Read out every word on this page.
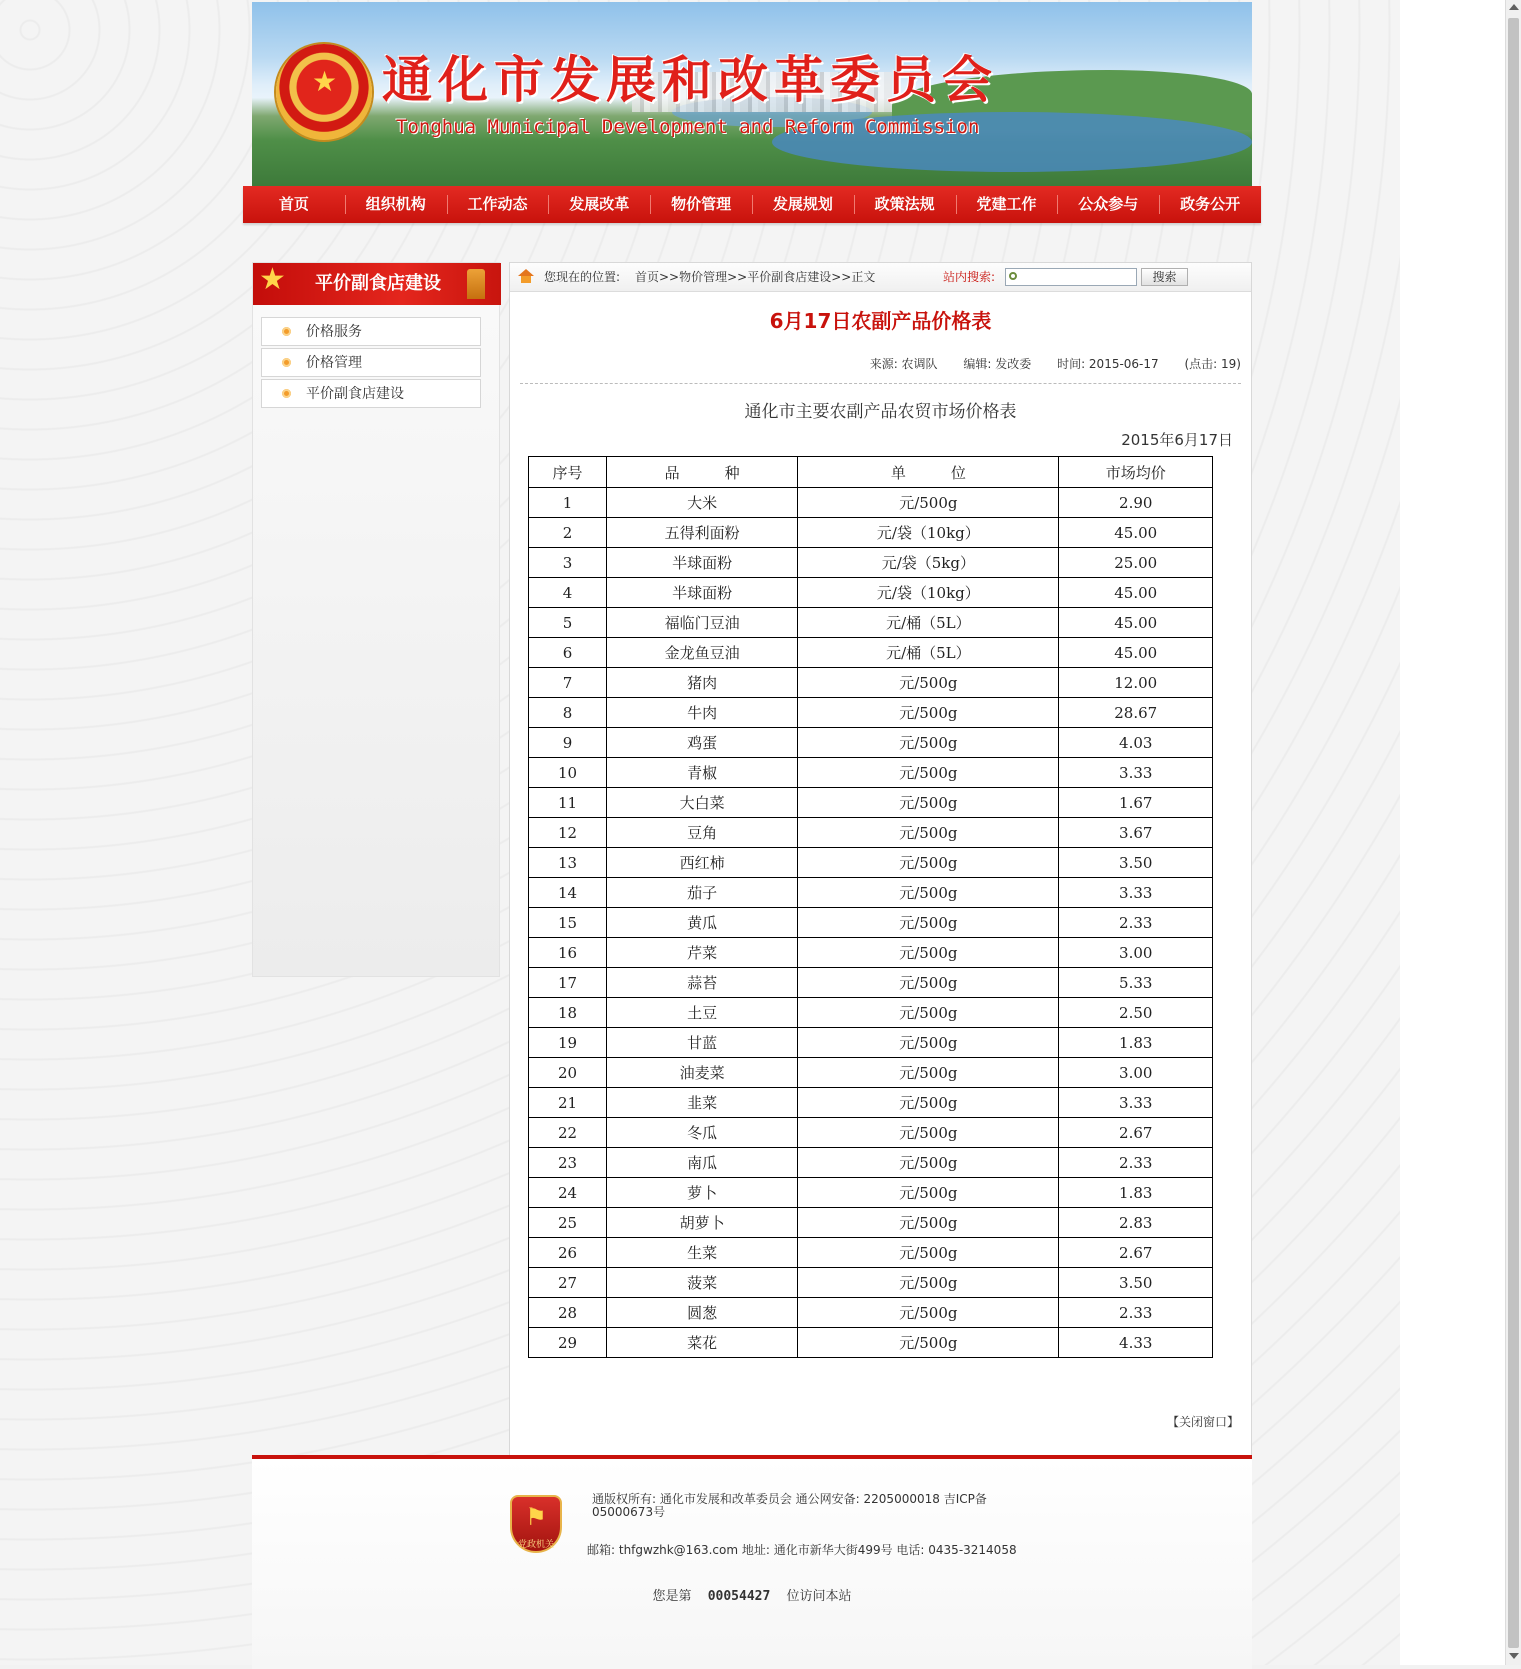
★ 通化市发展和改革委员会
Tonghua Municipal Development and Reform Commission
首页	组织机构	工作动态	发展改革	物价管理	发展规划	政策法规	党建工作	公众参与	政务公开
★ 平价副食店建设
价格服务
价格管理
平价副食店建设
您现在的位置: 首页>>物价管理>>平价副食店建设>>正文	站内搜索:	搜索
6月17日农副产品价格表
来源: 农调队 编辑: 发改委 时间: 2015-06-17 (点击: 19)
通化市主要农副产品农贸市场价格表
2015年6月17日
序号	品　　　种	单　　　位	市场均价
1	大米	元/500g	2.90
2	五得利面粉	元/袋（10kg）	45.00
3	半球面粉	元/袋（5kg）	25.00
4	半球面粉	元/袋（10kg）	45.00
5	福临门豆油	元/桶（5L）	45.00
6	金龙鱼豆油	元/桶（5L）	45.00
7	猪肉	元/500g	12.00
8	牛肉	元/500g	28.67
9	鸡蛋	元/500g	4.03
10	青椒	元/500g	3.33
11	大白菜	元/500g	1.67
12	豆角	元/500g	3.67
13	西红柿	元/500g	3.50
14	茄子	元/500g	3.33
15	黄瓜	元/500g	2.33
16	芹菜	元/500g	3.00
17	蒜苔	元/500g	5.33
18	土豆	元/500g	2.50
19	甘蓝	元/500g	1.83
20	油麦菜	元/500g	3.00
21	韭菜	元/500g	3.33
22	冬瓜	元/500g	2.67
23	南瓜	元/500g	2.33
24	萝卜	元/500g	1.83
25	胡萝卜	元/500g	2.83
26	生菜	元/500g	2.67
27	菠菜	元/500g	3.50
28	圆葱	元/500g	2.33
29	菜花	元/500g	4.33
【关闭窗口】
⚑
党政机关
通版权所有: 通化市发展和改革委员会 通公网安备: 2205000018 吉ICP备05000673号
邮箱: thfgwzhk@163.com 地址: 通化市新华大街499号 电话: 0435-3214058
您是第 00054427 位访问本站
